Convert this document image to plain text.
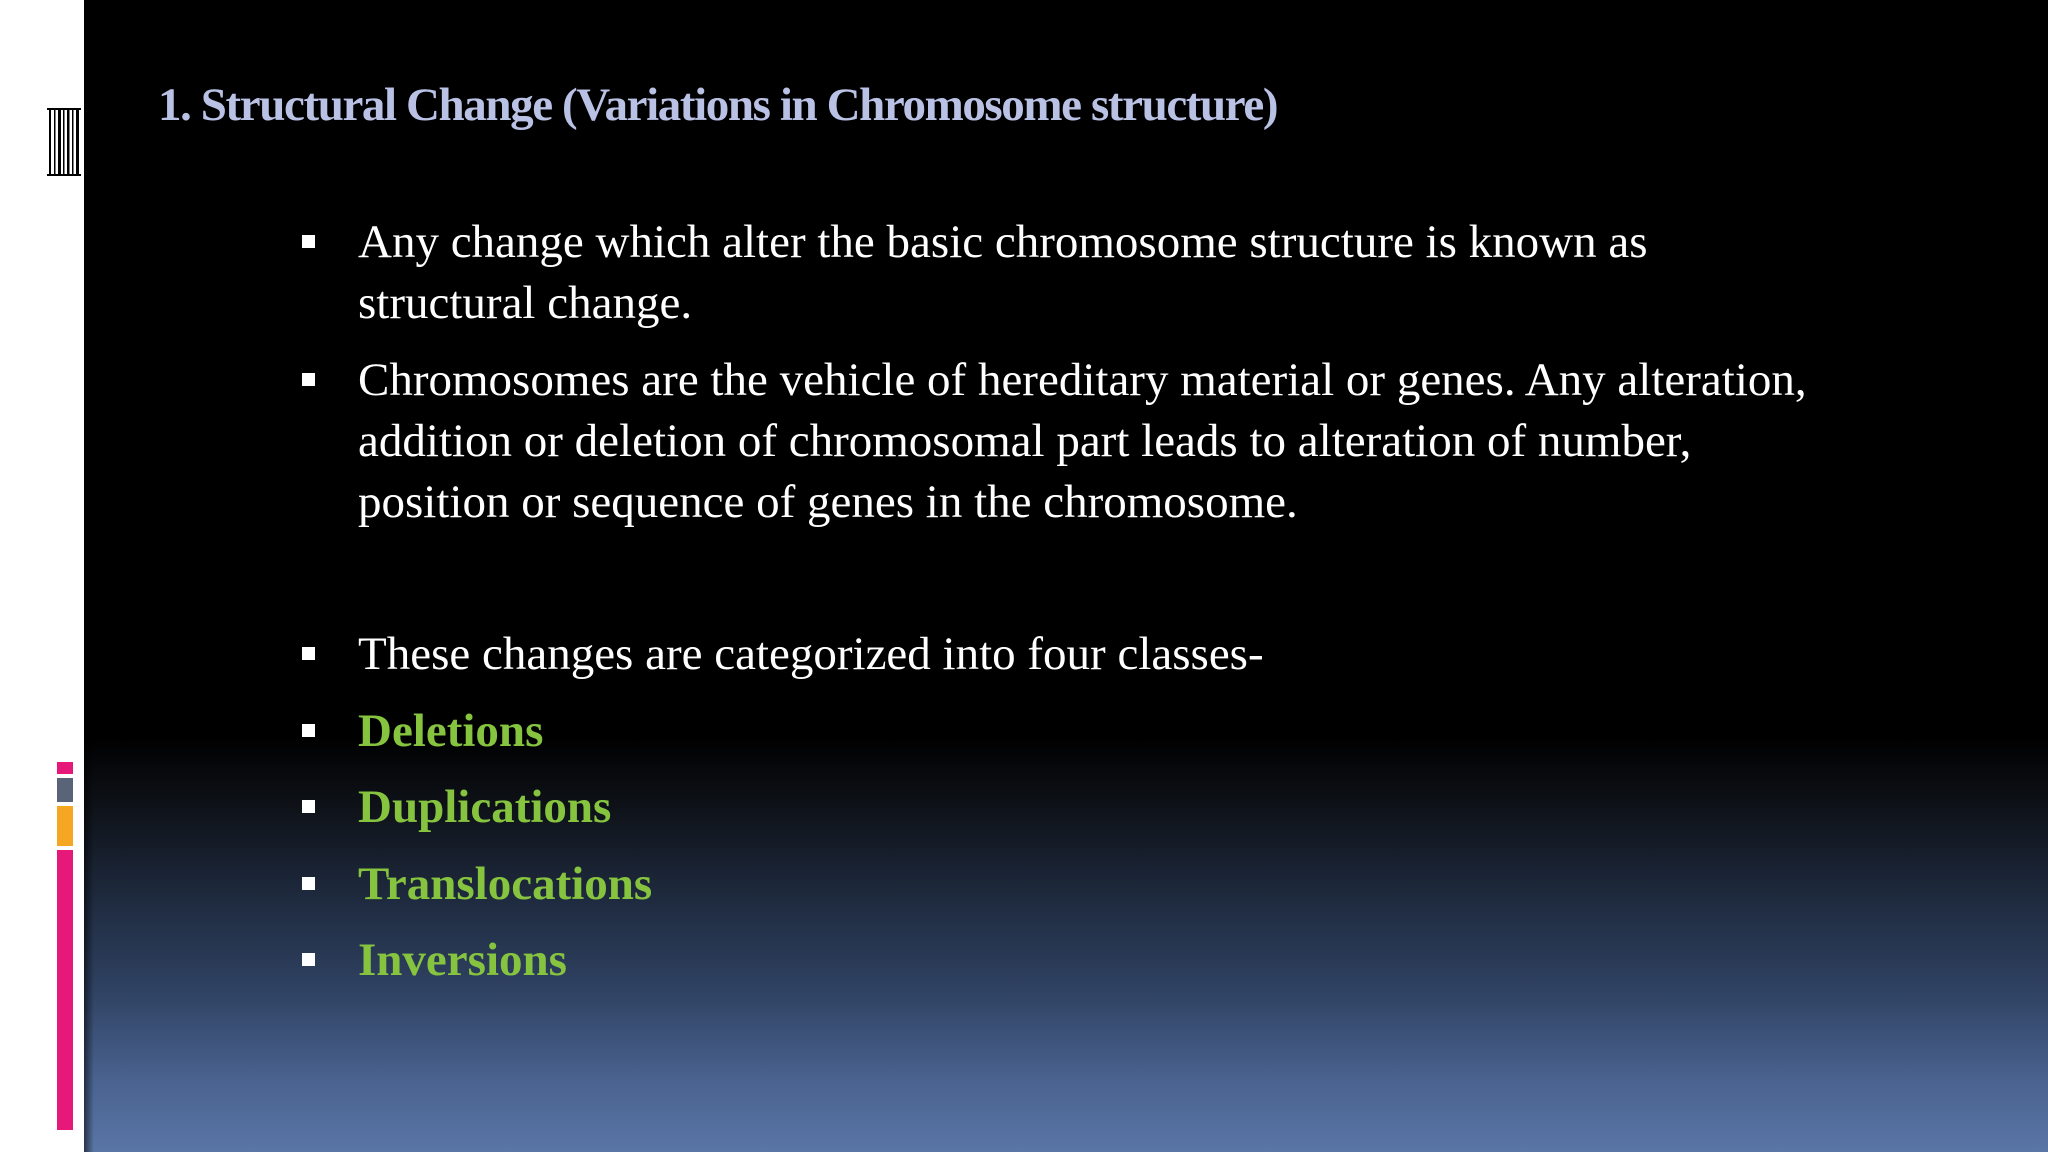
1. Structural Change (Variations in Chromosome structure)
Any change which alter the basic chromosome structure is known as
structural change.
Chromosomes are the vehicle of hereditary material or genes. Any alteration,
addition or deletion of chromosomal part leads to alteration of number,
position or sequence of genes in the chromosome.
These changes are categorized into four classes-
Deletions
Duplications
Translocations
Inversions
